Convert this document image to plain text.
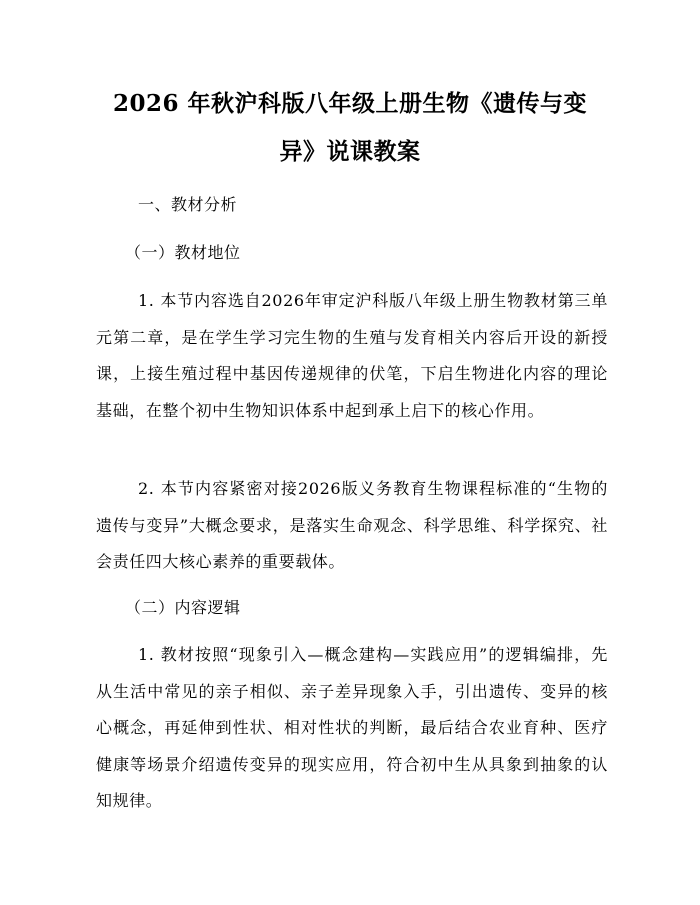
2026 年秋沪科版八年级上册生物《遗传与变
异》说课教案
一、教材分析
（一）教材地位
1. 本节内容选自2026年审定沪科版八年级上册生物教材第三单元第二章，是在学生学习完生物的生殖与发育相关内容后开设的新授课，上接生殖过程中基因传递规律的伏笔，下启生物进化内容的理论基础，在整个初中生物知识体系中起到承上启下的核心作用。
2. 本节内容紧密对接2026版义务教育生物课程标准的“生物的遗传与变异”大概念要求，是落实生命观念、科学思维、科学探究、社会责任四大核心素养的重要载体。
（二）内容逻辑
1. 教材按照“现象引入—概念建构—实践应用”的逻辑编排，先从生活中常见的亲子相似、亲子差异现象入手，引出遗传、变异的核心概念，再延伸到性状、相对性状的判断，最后结合农业育种、医疗健康等场景介绍遗传变异的现实应用，符合初中生从具象到抽象的认知规律。
